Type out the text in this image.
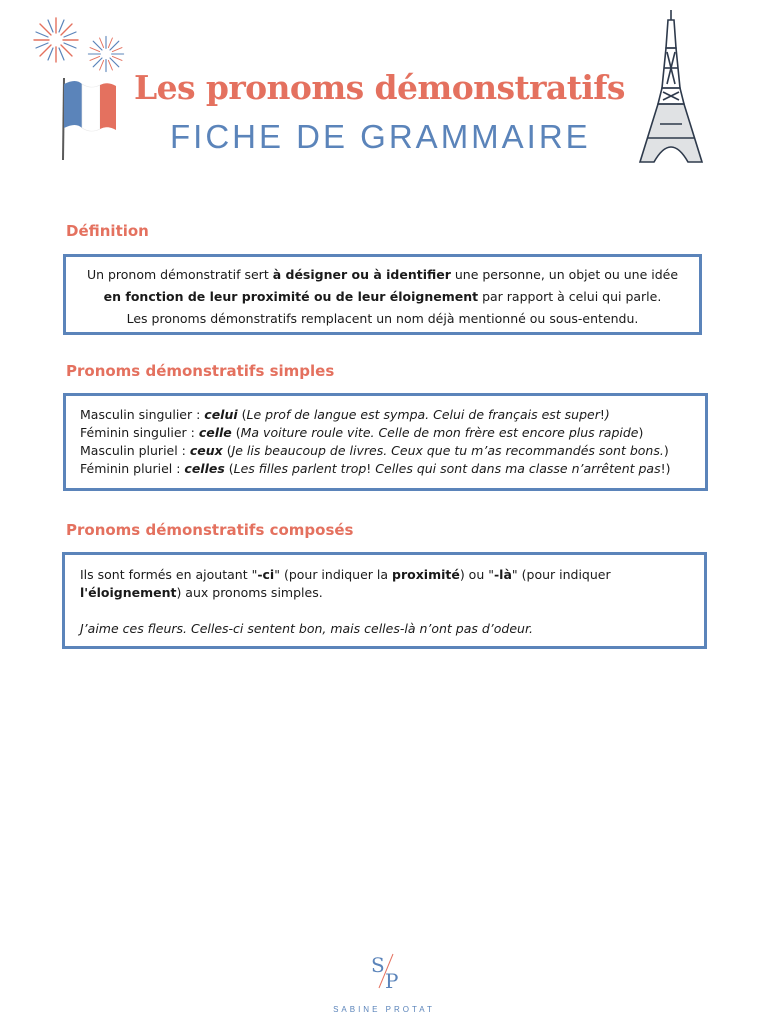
Les pronoms démonstratifs
FICHE DE GRAMMAIRE
Définition

Un pronom démonstratif sert à désigner ou à identifier une personne, un objet ou une idée

en fonction de leur proximité ou de leur éloignement par rapport à celui qui parle.

Les pronoms démonstratifs remplacent un nom déjà mentionné ou sous-entendu.

Pronoms démonstratifs simples

Masculin singulier : celui (Le prof de langue est sympa. Celui de français est super!)

Féminin singulier : celle (Ma voiture roule vite. Celle de mon frère est encore plus rapide)

Masculin pluriel : ceux (Je lis beaucoup de livres. Ceux que tu m’as recommandés sont bons.)

Féminin pluriel : celles (Les filles parlent trop! Celles qui sont dans ma classe n’arrêtent pas!)

Pronoms démonstratifs composés

Ils sont formés en ajoutant "-ci" (pour indiquer la proximité) ou "-là" (pour indiquer

l'éloignement) aux pronoms simples.

J’aime ces fleurs. Celles-ci sentent bon, mais celles-là n’ont pas d’odeur.

S
P
SABINE PROTAT
